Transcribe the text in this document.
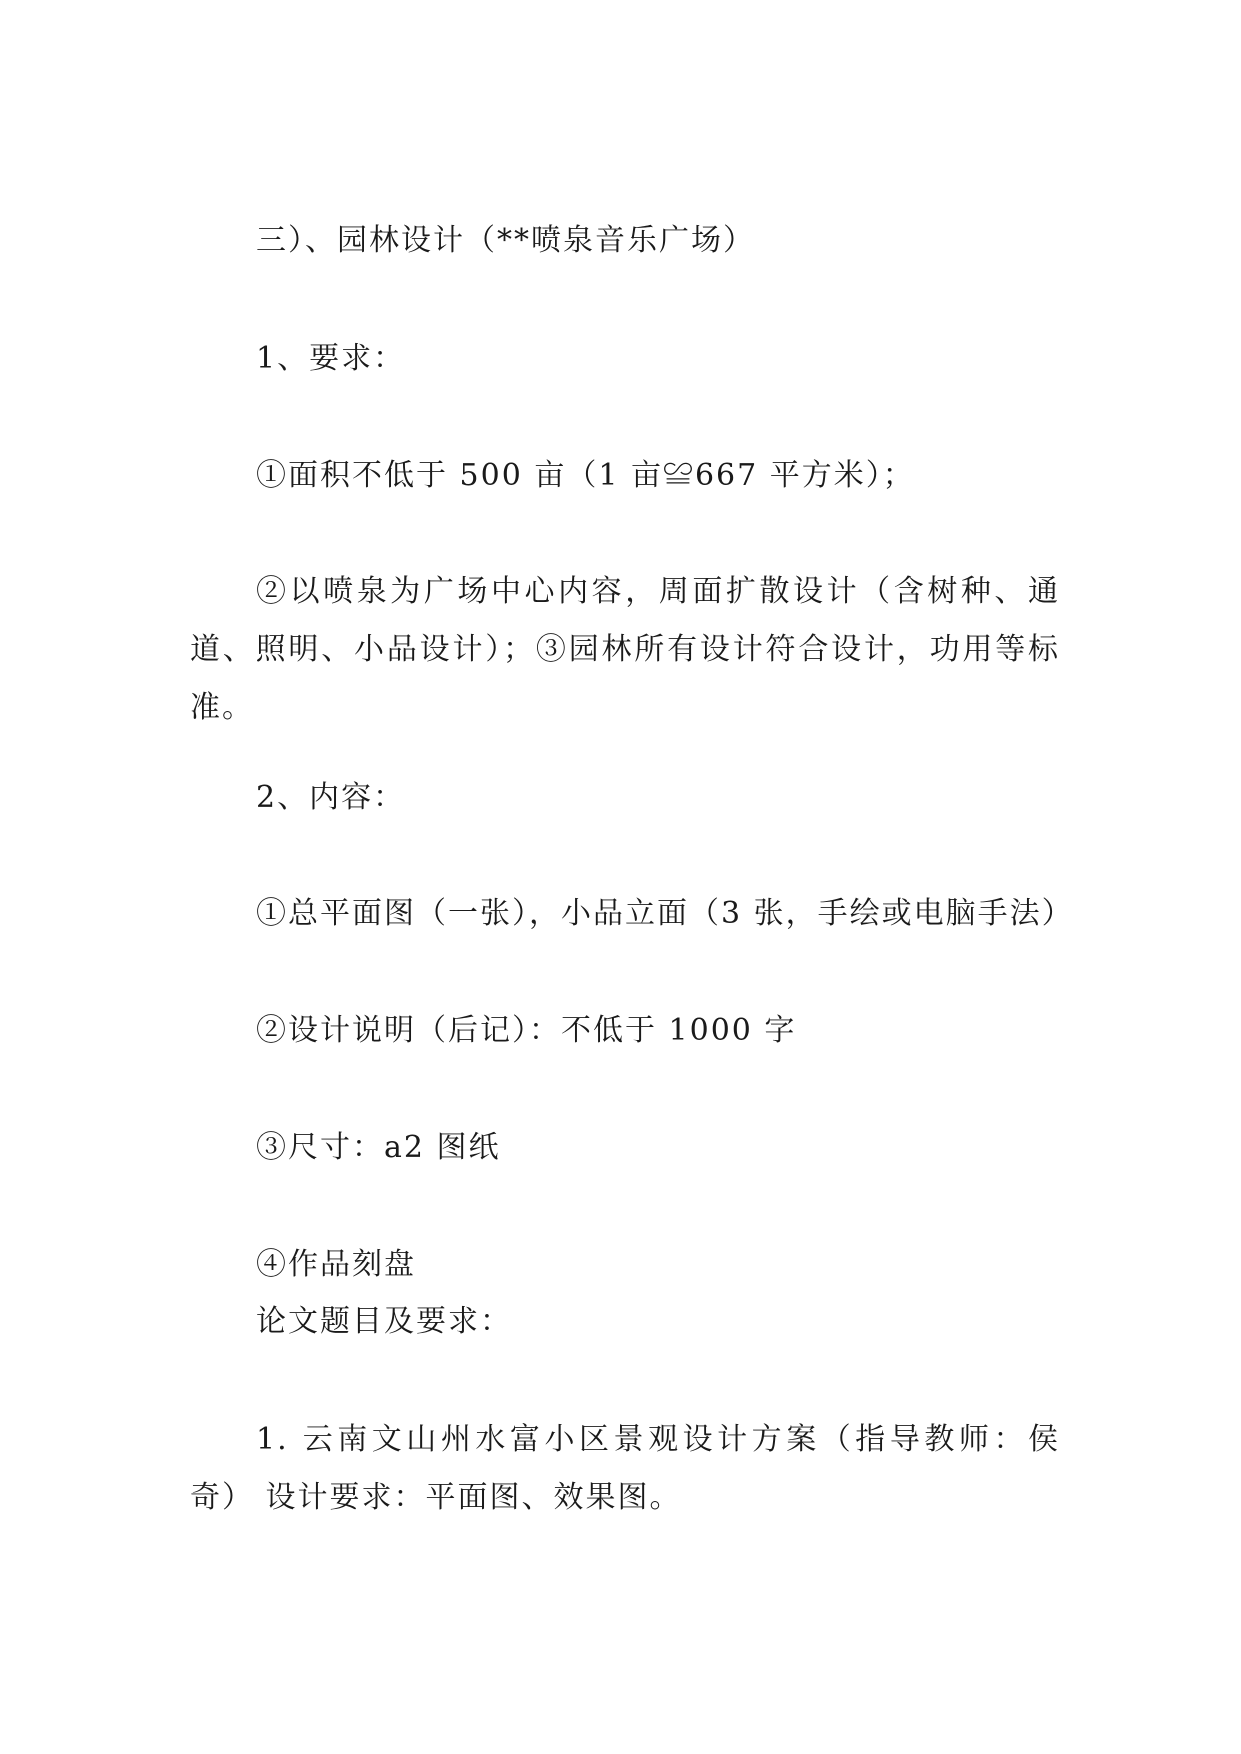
三）、园林设计（**喷泉音乐广场）
1、要求：
①面积不低于 500 亩（1 亩≌667 平方米）；
②以喷泉为广场中心内容，周面扩散设计（含树种、通道、照明、小品设计）；③园林所有设计符合设计，功用等标准。
2、内容：
①总平面图（一张），小品立面（3 张，手绘或电脑手法）
②设计说明（后记）：不低于 1000 字
③尺寸：a2 图纸
④作品刻盘
论文题目及要求：
1. 云南文山州水富小区景观设计方案（指导教师：侯奇） 设计要求：平面图、效果图。
